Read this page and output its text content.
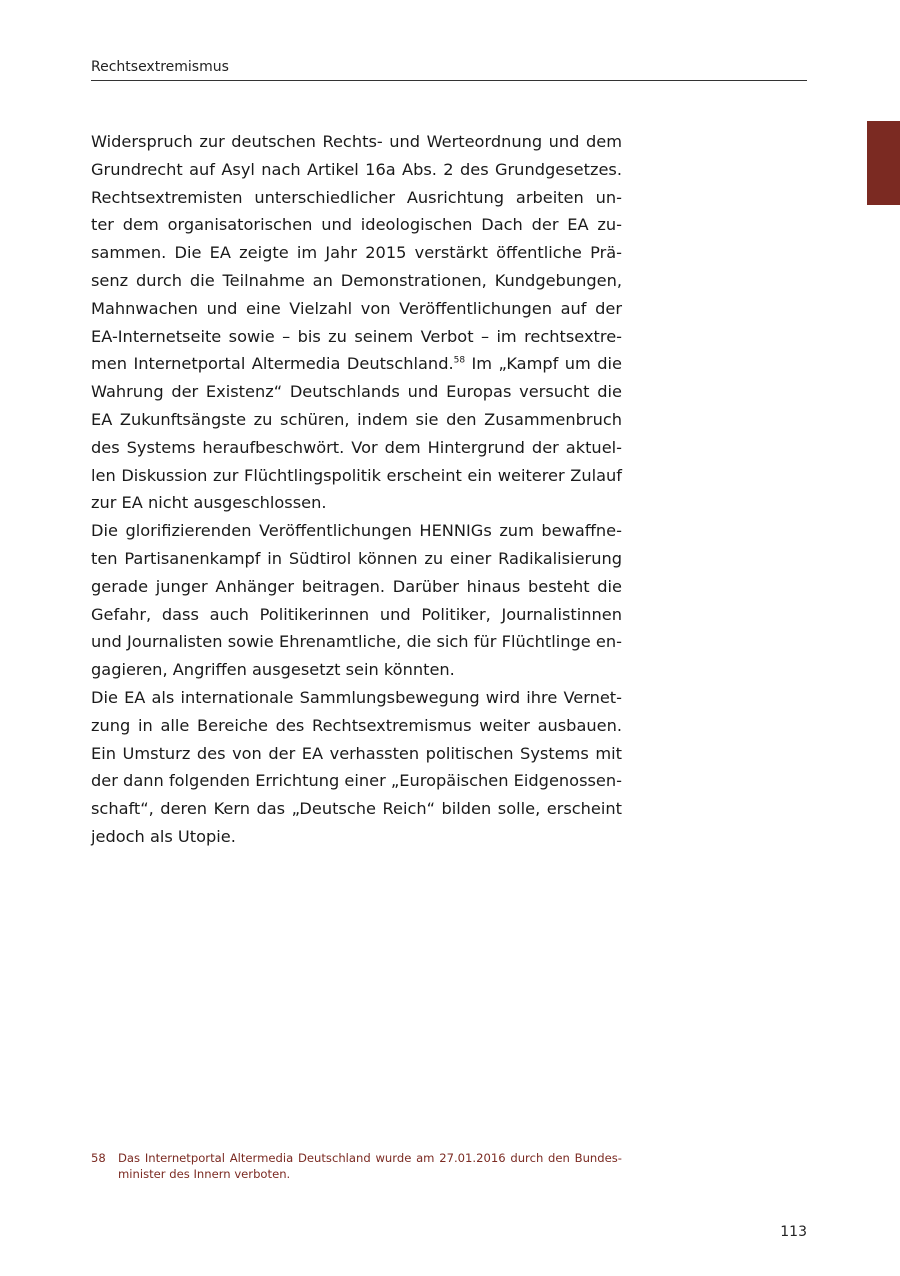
Rechtsextremismus
Widerspruch zur deutschen Rechts- und Werteordnung und dem
Grundrecht auf Asyl nach Artikel 16a Abs. 2 des Grundgesetzes.
Rechtsextremisten unterschiedlicher Ausrichtung arbeiten un-
ter dem organisatorischen und ideologischen Dach der EA zu-
sammen. Die EA zeigte im Jahr 2015 verstärkt öffentliche Prä-
senz durch die Teilnahme an Demonstrationen, Kundgebungen,
Mahnwachen und eine Vielzahl von Veröffentlichungen auf der
EA-Internetseite sowie – bis zu seinem Verbot – im rechtsextre-
men Internetportal Altermedia Deutschland.$^{58}$ Im „Kampf um die
Wahrung der Existenz“ Deutschlands und Europas versucht die
EA Zukunftsängste zu schüren, indem sie den Zusammenbruch
des Systems heraufbeschwört. Vor dem Hintergrund der aktuel-
len Diskussion zur Flüchtlingspolitik erscheint ein weiterer Zulauf
zur EA nicht ausgeschlossen.
Die glorifizierenden Veröffentlichungen HENNIGs zum bewaffne-
ten Partisanenkampf in Südtirol können zu einer Radikalisierung
gerade junger Anhänger beitragen. Darüber hinaus besteht die
Gefahr, dass auch Politikerinnen und Politiker, Journalistinnen
und Journalisten sowie Ehrenamtliche, die sich für Flüchtlinge en-
gagieren, Angriffen ausgesetzt sein könnten.
Die EA als internationale Sammlungsbewegung wird ihre Vernet-
zung in alle Bereiche des Rechtsextremismus weiter ausbauen.
Ein Umsturz des von der EA verhassten politischen Systems mit
der dann folgenden Errichtung einer „Europäischen Eidgenossen-
schaft“, deren Kern das „Deutsche Reich“ bilden solle, erscheint
jedoch als Utopie.
58 Das Internetportal Altermedia Deutschland wurde am 27.01.2016 durch den Bundes-
minister des Innern verboten.
113
